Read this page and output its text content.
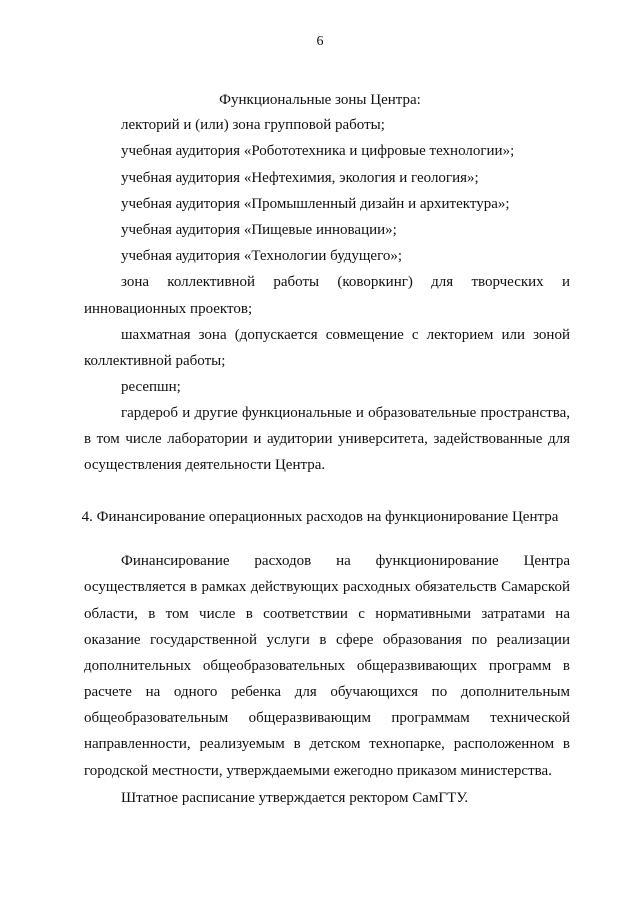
6
Функциональные зоны Центра:
лекторий и (или) зона групповой работы;
учебная аудитория «Робототехника и цифровые технологии»;
учебная аудитория «Нефтехимия, экология и геология»;
учебная аудитория «Промышленный дизайн и архитектура»;
учебная аудитория «Пищевые инновации»;
учебная аудитория «Технологии будущего»;
зона коллективной работы (коворкинг) для творческих и
инновационных проектов;
шахматная зона (допускается совмещение с лекторием или зоной
коллективной работы;
ресепшн;
гардероб и другие функциональные и образовательные пространства,
в том числе лаборатории и аудитории университета, задействованные для
осуществления деятельности Центра.
4. Финансирование операционных расходов на функционирование Центра
Финансирование расходов на функционирование Центра
осуществляется в рамках действующих расходных обязательств Самарской
области, в том числе в соответствии с нормативными затратами на
оказание государственной услуги в сфере образования по реализации
дополнительных общеобразовательных общеразвивающих программ в
расчете на одного ребенка для обучающихся по дополнительным
общеобразовательным общеразвивающим программам технической
направленности, реализуемым в детском технопарке, расположенном в
городской местности, утверждаемыми ежегодно приказом министерства.
Штатное расписание утверждается ректором СамГТУ.
